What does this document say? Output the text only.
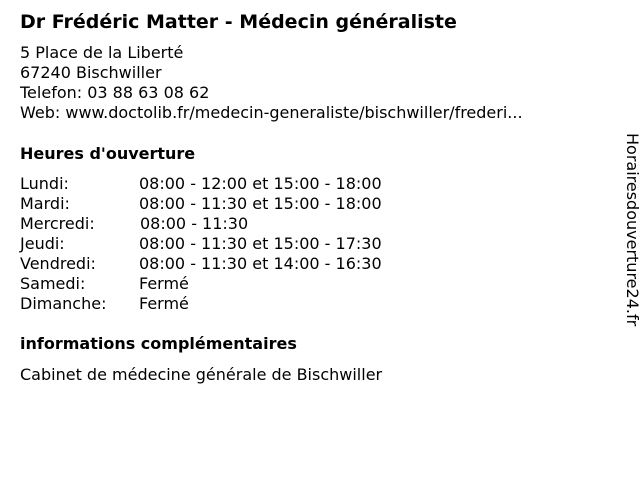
Dr Frédéric Matter - Médecin généraliste
5 Place de la Liberté
67240 Bischwiller
Telefon: 03 88 63 08 62
Web: www.doctolib.fr/medecin-generaliste/bischwiller/frederi...
Heures d'ouverture
Lundi:	08:00 - 12:00 et 15:00 - 18:00
Mardi:	08:00 - 11:30 et 15:00 - 18:00
Mercredi:	08:00 - 11:30
Jeudi:	08:00 - 11:30 et 15:00 - 17:30
Vendredi:	08:00 - 11:30 et 14:00 - 16:30
Samedi:	Fermé
Dimanche: Fermé
informations complémentaires
Cabinet de médecine générale de Bischwiller
Horairesdouverture24.fr
